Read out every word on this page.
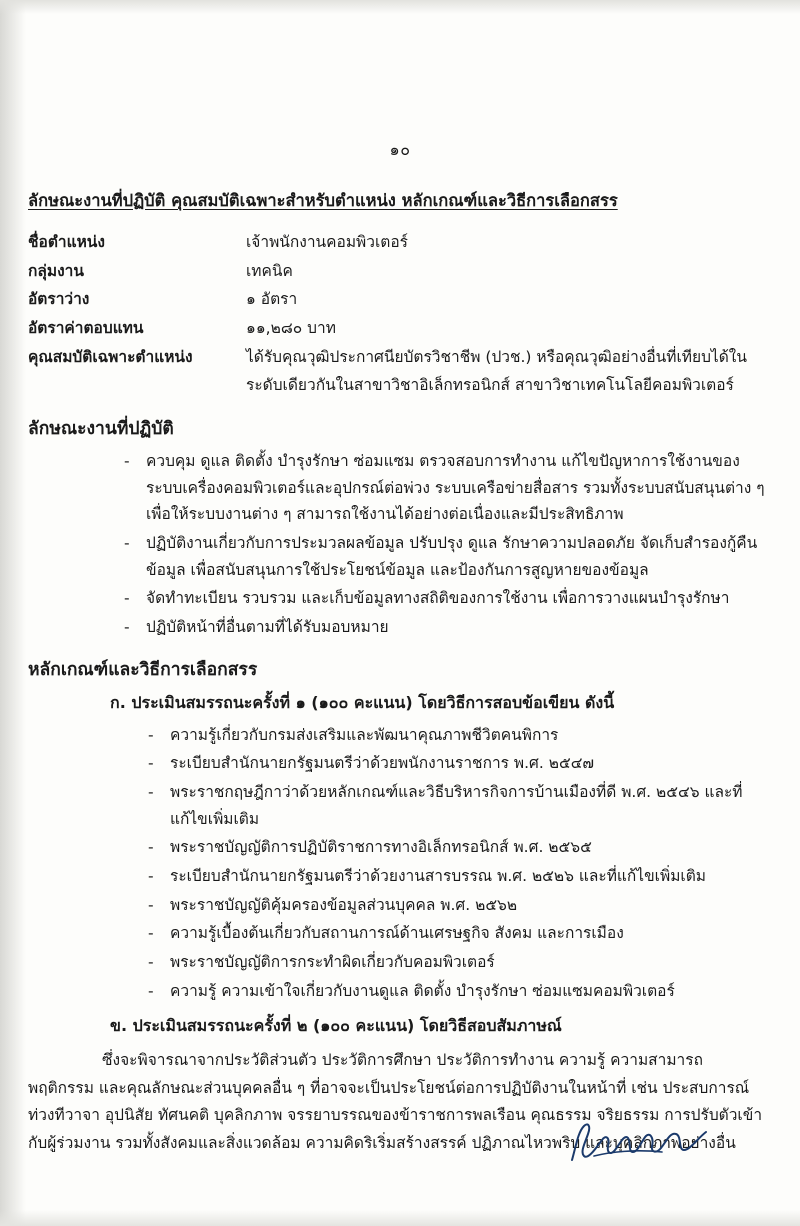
๑๐
ลักษณะงานที่ปฏิบัติ คุณสมบัติเฉพาะสำหรับตำแหน่ง หลักเกณฑ์และวิธีการเลือกสรร
ชื่อตำแหน่ง	เจ้าพนักงานคอมพิวเตอร์
กลุ่มงาน	เทคนิค
อัตราว่าง	๑ อัตรา
อัตราค่าตอบแทน	๑๑,๒๘๐ บาท
คุณสมบัติเฉพาะตำแหน่ง	ได้รับคุณวุฒิประกาศนียบัตรวิชาชีพ (ปวช.) หรือคุณวุฒิอย่างอื่นที่เทียบได้ใน
	ระดับเดียวกันในสาขาวิชาอิเล็กทรอนิกส์ สาขาวิชาเทคโนโลยีคอมพิวเตอร์
ลักษณะงานที่ปฏิบัติ
- ควบคุม ดูแล ติดตั้ง บำรุงรักษา ซ่อมแซม ตรวจสอบการทำงาน แก้ไขปัญหาการใช้งานของระบบเครื่องคอมพิวเตอร์และอุปกรณ์ต่อพ่วง ระบบเครือข่ายสื่อสาร รวมทั้งระบบสนับสนุนต่าง ๆ เพื่อให้ระบบงานต่าง ๆ สามารถใช้งานได้อย่างต่อเนื่องและมีประสิทธิภาพ
- ปฏิบัติงานเกี่ยวกับการประมวลผลข้อมูล ปรับปรุง ดูแล รักษาความปลอดภัย จัดเก็บสำรองกู้คืนข้อมูล เพื่อสนับสนุนการใช้ประโยชน์ข้อมูล และป้องกันการสูญหายของข้อมูล
- จัดทำทะเบียน รวบรวม และเก็บข้อมูลทางสถิติของการใช้งาน เพื่อการวางแผนบำรุงรักษา
- ปฏิบัติหน้าที่อื่นตามที่ได้รับมอบหมาย
หลักเกณฑ์และวิธีการเลือกสรร
ก. ประเมินสมรรถนะครั้งที่ ๑ (๑๐๐ คะแนน) โดยวิธีการสอบข้อเขียน ดังนี้
- ความรู้เกี่ยวกับกรมส่งเสริมและพัฒนาคุณภาพชีวิตคนพิการ
- ระเบียบสำนักนายกรัฐมนตรีว่าด้วยพนักงานราชการ พ.ศ. ๒๕๔๗
- พระราชกฤษฎีกาว่าด้วยหลักเกณฑ์และวิธีบริหารกิจการบ้านเมืองที่ดี พ.ศ. ๒๕๔๖ และที่แก้ไขเพิ่มเติม
- พระราชบัญญัติการปฏิบัติราชการทางอิเล็กทรอนิกส์ พ.ศ. ๒๕๖๕
- ระเบียบสำนักนายกรัฐมนตรีว่าด้วยงานสารบรรณ พ.ศ. ๒๕๒๖ และที่แก้ไขเพิ่มเติม
- พระราชบัญญัติคุ้มครองข้อมูลส่วนบุคคล พ.ศ. ๒๕๖๒
- ความรู้เบื้องต้นเกี่ยวกับสถานการณ์ด้านเศรษฐกิจ สังคม และการเมือง
- พระราชบัญญัติการกระทำผิดเกี่ยวกับคอมพิวเตอร์
- ความรู้ ความเข้าใจเกี่ยวกับงานดูแล ติดตั้ง บำรุงรักษา ซ่อมแซมคอมพิวเตอร์
ข. ประเมินสมรรถนะครั้งที่ ๒ (๑๐๐ คะแนน) โดยวิธีสอบสัมภาษณ์
ซึ่งจะพิจารณาจากประวัติส่วนตัว ประวัติการศึกษา ประวัติการทำงาน ความรู้ ความสามารถ พฤติกรรม และคุณลักษณะส่วนบุคคลอื่น ๆ ที่อาจจะเป็นประโยชน์ต่อการปฏิบัติงานในหน้าที่ เช่น ประสบการณ์ ท่วงทีวาจา อุปนิสัย ทัศนคติ บุคลิกภาพ จรรยาบรรณของข้าราชการพลเรือน คุณธรรม จริยธรรม การปรับตัวเข้ากับผู้ร่วมงาน รวมทั้งสังคมและสิ่งแวดล้อม ความคิดริเริ่มสร้างสรรค์ ปฏิภาณไหวพริบ และบุคลิกภาพอย่างอื่น
